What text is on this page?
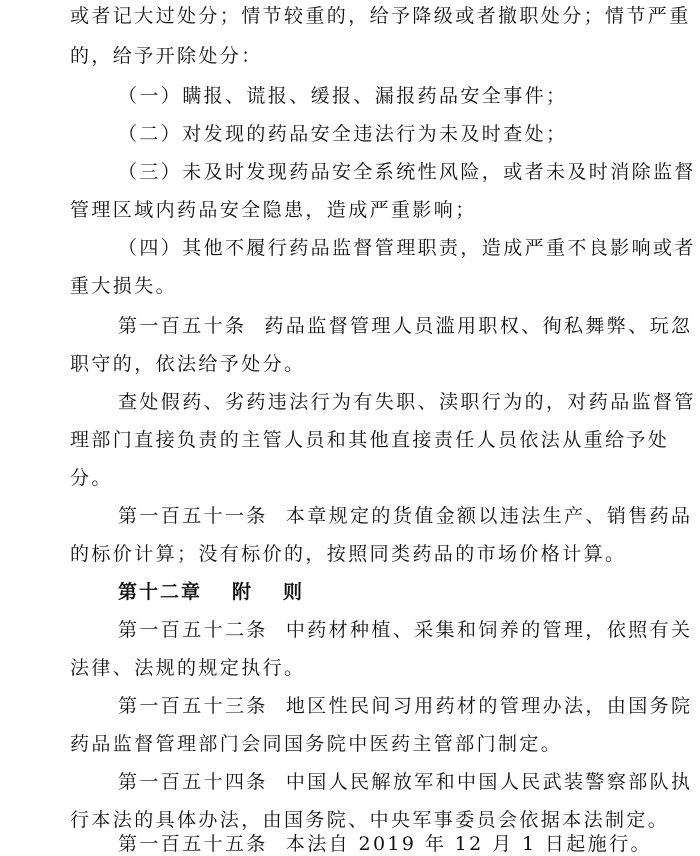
或者记大过处分；情节较重的，给予降级或者撤职处分；情节严重
的，给予开除处分：
（一）瞒报、谎报、缓报、漏报药品安全事件；
（二）对发现的药品安全违法行为未及时查处；
（三）未及时发现药品安全系统性风险，或者未及时消除监督
管理区域内药品安全隐患，造成严重影响；
（四）其他不履行药品监督管理职责，造成严重不良影响或者
重大损失。
第一百五十条 药品监督管理人员滥用职权、徇私舞弊、玩忽
职守的，依法给予处分。
查处假药、劣药违法行为有失职、渎职行为的，对药品监督管
理部门直接负责的主管人员和其他直接责任人员依法从重给予处
分。
第一百五十一条 本章规定的货值金额以违法生产、销售药品
的标价计算；没有标价的，按照同类药品的市场价格计算。
第十二章 附 则
第一百五十二条 中药材种植、采集和饲养的管理，依照有关
法律、法规的规定执行。
第一百五十三条 地区性民间习用药材的管理办法，由国务院
药品监督管理部门会同国务院中医药主管部门制定。
第一百五十四条 中国人民解放军和中国人民武装警察部队执
行本法的具体办法，由国务院、中央军事委员会依据本法制定。
第一百五十五条 本法自 2019 年 12 月 1 日起施行。
